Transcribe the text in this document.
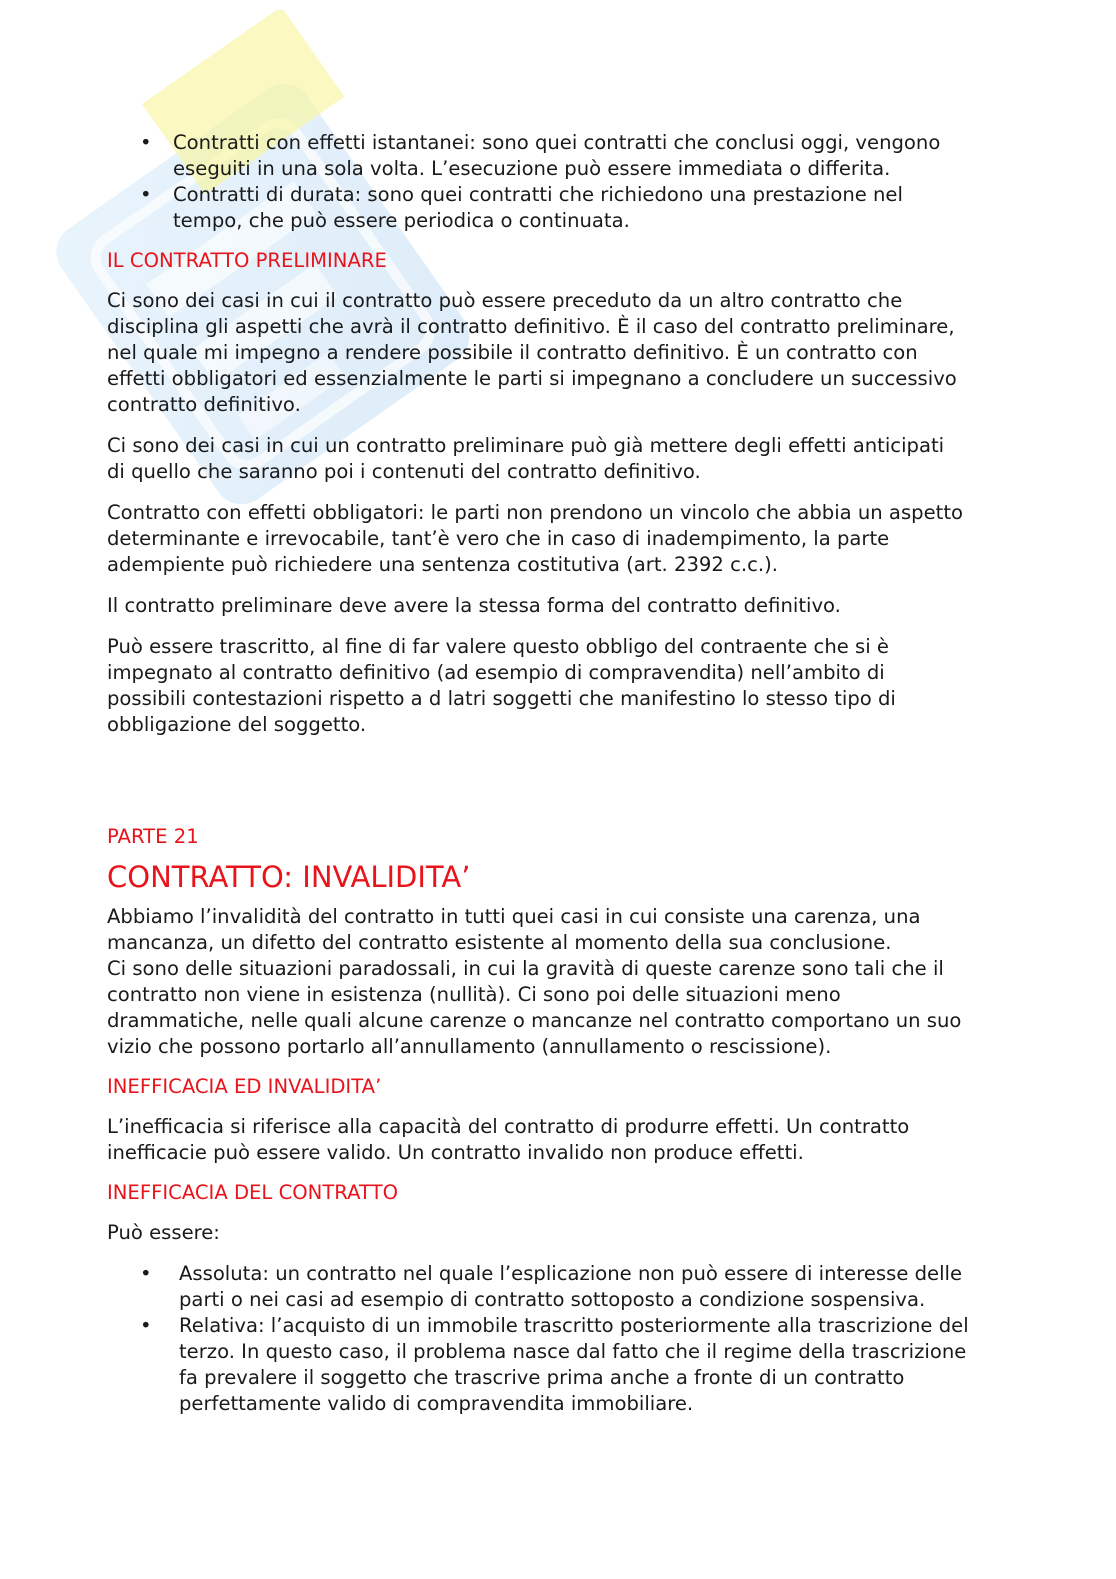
• Contratti con effetti istantanei: sono quei contratti che conclusi oggi, vengono
eseguiti in una sola volta. L’esecuzione può essere immediata o differita.
• Contratti di durata: sono quei contratti che richiedono una prestazione nel
tempo, che può essere periodica o continuata.
IL CONTRATTO PRELIMINARE

Ci sono dei casi in cui il contratto può essere preceduto da un altro contratto che
disciplina gli aspetti che avrà il contratto definitivo. È il caso del contratto preliminare,
nel quale mi impegno a rendere possibile il contratto definitivo. È un contratto con
effetti obbligatori ed essenzialmente le parti si impegnano a concludere un successivo
contratto definitivo.

Ci sono dei casi in cui un contratto preliminare può già mettere degli effetti anticipati
di quello che saranno poi i contenuti del contratto definitivo.

Contratto con effetti obbligatori: le parti non prendono un vincolo che abbia un aspetto
determinante e irrevocabile, tant’è vero che in caso di inadempimento, la parte
adempiente può richiedere una sentenza costitutiva (art. 2392 c.c.).

Il contratto preliminare deve avere la stessa forma del contratto definitivo.

Può essere trascritto, al fine di far valere questo obbligo del contraente che si è
impegnato al contratto definitivo (ad esempio di compravendita) nell’ambito di
possibili contestazioni rispetto a d latri soggetti che manifestino lo stesso tipo di
obbligazione del soggetto.

PARTE 21
CONTRATTO: INVALIDITA’

Abbiamo l’invalidità del contratto in tutti quei casi in cui consiste una carenza, una
mancanza, un difetto del contratto esistente al momento della sua conclusione.
Ci sono delle situazioni paradossali, in cui la gravità di queste carenze sono tali che il
contratto non viene in esistenza (nullità). Ci sono poi delle situazioni meno
drammatiche, nelle quali alcune carenze o mancanze nel contratto comportano un suo
vizio che possono portarlo all’annullamento (annullamento o rescissione).

INEFFICACIA ED INVALIDITA’

L’inefficacia si riferisce alla capacità del contratto di produrre effetti. Un contratto
inefficacie può essere valido. Un contratto invalido non produce effetti.

INEFFICACIA DEL CONTRATTO

Può essere:

• Assoluta: un contratto nel quale l’esplicazione non può essere di interesse delle
parti o nei casi ad esempio di contratto sottoposto a condizione sospensiva.
• Relativa: l’acquisto di un immobile trascritto posteriormente alla trascrizione del
terzo. In questo caso, il problema nasce dal fatto che il regime della trascrizione
fa prevalere il soggetto che trascrive prima anche a fronte di un contratto
perfettamente valido di compravendita immobiliare.
